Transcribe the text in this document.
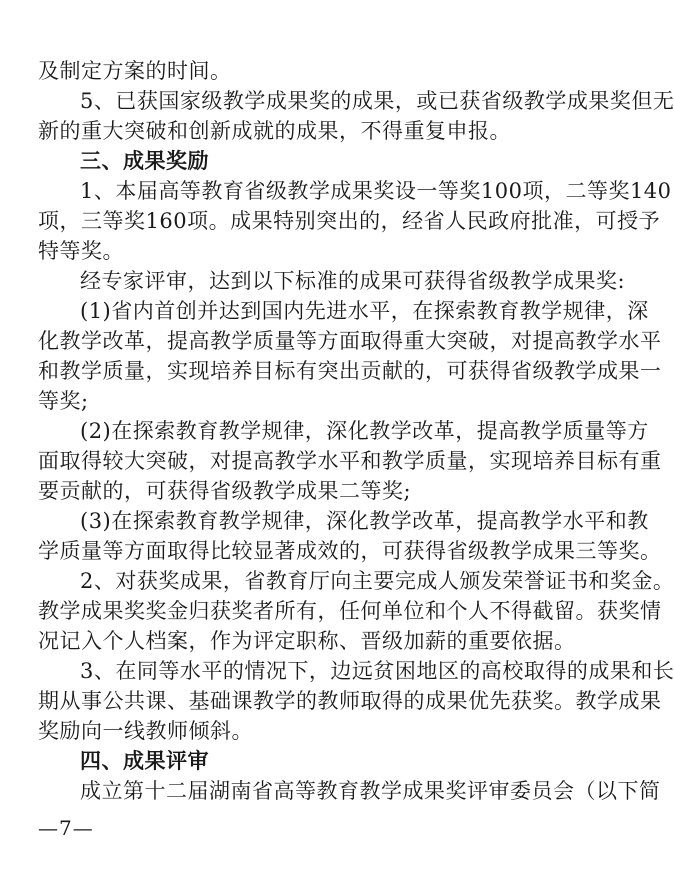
及制定方案的时间。
5、已获国家级教学成果奖的成果，或已获省级教学成果奖但无
新的重大突破和创新成就的成果，不得重复申报。
三、成果奖励
1、本届高等教育省级教学成果奖设一等奖100项，二等奖140
项，三等奖160项。成果特别突出的，经省人民政府批准，可授予
特等奖。
经专家评审，达到以下标准的成果可获得省级教学成果奖:
(1)省内首创并达到国内先进水平，在探索教育教学规律，深
化教学改革，提高教学质量等方面取得重大突破，对提高教学水平
和教学质量，实现培养目标有突出贡献的，可获得省级教学成果一
等奖;
(2)在探索教育教学规律，深化教学改革，提高教学质量等方
面取得较大突破，对提高教学水平和教学质量，实现培养目标有重
要贡献的，可获得省级教学成果二等奖;
(3)在探索教育教学规律，深化教学改革，提高教学水平和教
学质量等方面取得比较显著成效的，可获得省级教学成果三等奖。
2、对获奖成果，省教育厅向主要完成人颁发荣誉证书和奖金。
教学成果奖奖金归获奖者所有，任何单位和个人不得截留。获奖情
况记入个人档案，作为评定职称、晋级加薪的重要依据。
3、在同等水平的情况下，边远贫困地区的高校取得的成果和长
期从事公共课、基础课教学的教师取得的成果优先获奖。教学成果
奖励向一线教师倾斜。
四、成果评审
成立第十二届湖南省高等教育教学成果奖评审委员会（以下简
—7—
